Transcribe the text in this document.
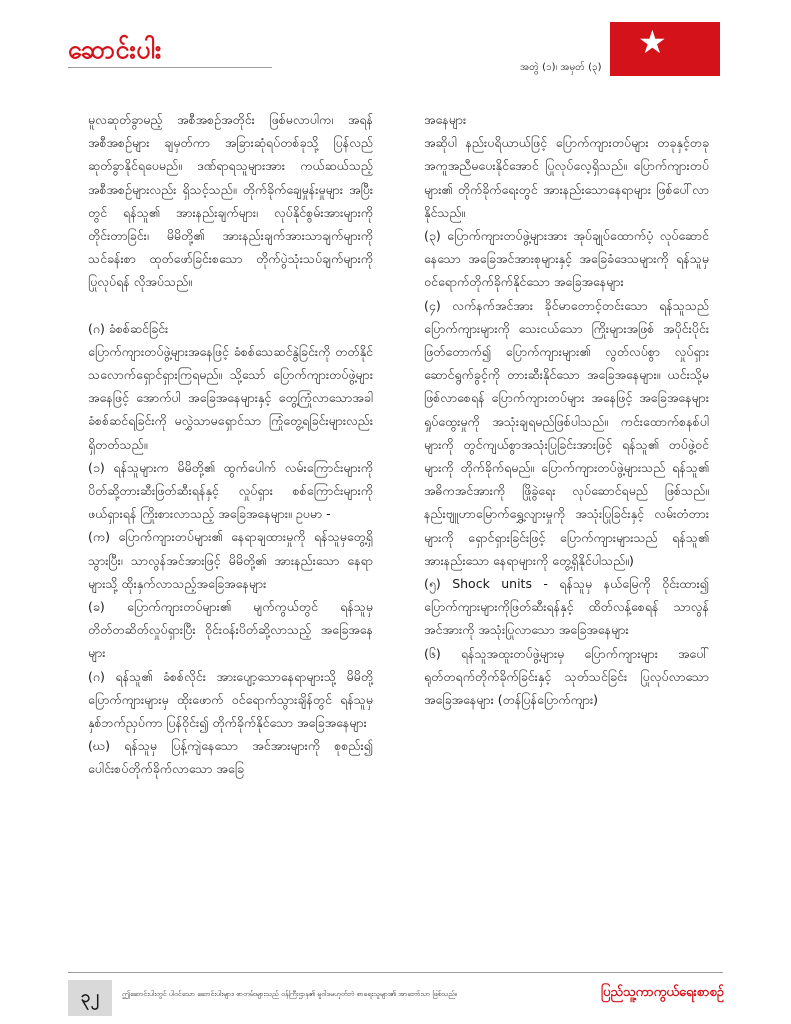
ဆောင်းပါး
အတွဲ (၁)၊ အမှတ် (၃)
★

မူလဆုတ်ခွာမည့် အစီအစဉ်အတိုင်း ဖြစ်မလာပါက၊ အရန်အစီအစဉ်များ ချမှတ်ကာ အခြားဆုံရပ်တစ်ခုသို့ ပြန်လည်ဆုတ်ခွာနိုင်ရပေမည်။ ဒဏ်ရာရသူများအား ကယ်ဆယ်သည့် အစီအစဉ်များလည်း ရှိသင့်သည်။ တိုက်ခိုက်ချေမှုန်းမှုများ အပြီးတွင် ရန်သူ၏ အားနည်းချက်များ၊ လုပ်နိုင်စွမ်းအားများကို တိုင်းတာခြင်း၊ မိမိတို့၏ အားနည်းချက်အားသာချက်များကို သင်ခန်းစာ ထုတ်ဖော်ခြင်းစသော တိုက်ပွဲသုံးသပ်ချက်များကို ပြုလုပ်ရန် လိုအပ်သည်။

(ဂ) ခံစစ်ဆင်ခြင်း

ပြောက်ကျားတပ်ဖွဲ့များအနေဖြင့် ခံစစ်သေဆင်နွဲခြင်းကို တတ်နိုင်သလောက်ရှောင်ရှားကြရမည်။ သို့သော် ပြောက်ကျားတပ်ဖွဲ့များအနေဖြင့် အောက်ပါ အခြေအနေများနှင့် တွေ့ကြုံလာသောအခါ ခံစစ်ဆင်ရခြင်းကို မလွှဲသာမရှောင်သာ ကြုံတွေ့ရခြင်းများလည်း ရှိတတ်သည်။

(၁) ရန်သူများက မိမိတို့၏ ထွက်ပေါက် လမ်းကြောင်းများကို ပိတ်ဆို့တားဆီးဖြတ်ဆီးရန်နှင့် လှုပ်ရှား စစ်ကြောင်းများကို ဖယ်ရှားရန် ကြိုးစားလာသည့် အခြေအနေများ။ ဥပမာ -

(က) ပြောက်ကျားတပ်များ၏ နေရာချထားမှုကို ရန်သူမှတွေ့ရှိသွားပြီး၊ သာလွန်အင်အားဖြင့် မိမိတို့၏ အားနည်းသော နေရာများသို့ ထိုးနှက်လာသည့်အခြေအနေများ

(ခ) ပြောက်ကျားတပ်များ၏ မျက်ကွယ်တွင် ရန်သူမှ တိတ်တဆိတ်လှုပ်ရှားပြီး ဝိုင်းဝန်းပိတ်ဆို့လာသည့် အခြေအနေများ

(ဂ) ရန်သူ၏ ခံစစ်လိုင်း အားပျော့သောနေရာများသို့ မိမိတို့ပြောက်ကျားများမှ ထိုးဖောက် ဝင်ရောက်သွားချိန်တွင် ရန်သူမှ နှစ်ဘက်ညှပ်ကာ ပြန်ဝိုင်း၍ တိုက်ခိုက်နိုင်သော အခြေအနေများ

(ဃ) ရန်သူမှ ပြန့်ကျဲနေသော အင်အားများကို စုစည်း၍ ပေါင်းစပ်တိုက်ခိုက်လာသော အခြေ

အနေများ

အဆိုပါ နည်းပရိယာယ်ဖြင့် ပြောက်ကျားတပ်များ တခုနှင့်တခု အကူအညီမပေးနိုင်အောင် ပြုလုပ်လေ့ရှိသည်။ ပြောက်ကျားတပ်များ၏ တိုက်ခိုက်ရေးတွင် အားနည်းသောနေရာများ ဖြစ်ပေါ်လာနိုင်သည်။

(၃) ပြောက်ကျားတပ်ဖွဲ့များအား အုပ်ချုပ်ထောက်ပံ့ လုပ်ဆောင်နေသော အခြေအင်အားစုများနှင့် အခြေခံဒေသများကို ရန်သူမှ ဝင်ရောက်တိုက်ခိုက်နိုင်သော အခြေအနေများ

(၄) လက်နက်အင်အား ခိုင်မာတောင့်တင်းသော ရန်သူသည် ပြောက်ကျားများကို သေးငယ်သော ကြိုးများအဖြစ် အပိုင်းပိုင်း ဖြတ်တောက်၍ ပြောက်ကျားများ၏ လွတ်လပ်စွာ လှုပ်ရှားဆောင်ရွက်ခွင့်ကို တားဆီးနိုင်သော အခြေအနေများ။ ယင်းသို့မဖြစ်လာစေရန် ပြောက်ကျားတပ်များ အနေဖြင့် အခြေအနေများ ရှုပ်ထွေးမှုကို အသုံးချရမည်ဖြစ်ပါသည်။ ကင်းထောက်စနစ်ပါများကို တွင်ကျယ်စွာအသုံးပြုခြင်းအားဖြင့် ရန်သူ၏ တပ်ဖွဲ့ဝင်များကို တိုက်ခိုက်ရမည်။ ပြောက်ကျားတပ်ဖွဲ့များသည် ရန်သူ၏ အဓိကအင်အားကို ဖြိုခွဲရေး လုပ်ဆောင်ရမည် ဖြစ်သည်။ နည်းဗျူဟာမြောက်ရွှေ့လျားမှုကို အသုံးပြုခြင်းနှင့် လမ်းတံတားများကို ရှောင်ရှားခြင်းဖြင့် ပြောက်ကျားများသည် ရန်သူ၏ အားနည်းသော နေရာများကို တွေ့ရှိနိုင်ပါသည်။)

(၅) Shock units - ရန်သူမှ နယ်မြေကို ဝိုင်းထား၍ ပြောက်ကျားများကိုဖြတ်ဆီးရန်နှင့် ထိတ်လန့်စေရန် သာလွန်အင်အားကို အသုံးပြုလာသော အခြေအနေများ

(၆) ရန်သူအထူးတပ်ဖွဲ့များမှ ပြောက်ကျားများ အပေါ် ရုတ်တရက်တိုက်ခိုက်ခြင်းနှင့် သုတ်သင်ခြင်း ပြုလုပ်လာသော အခြေအနေများ (တန်ပြန်ပြောက်ကျား)

၃၂	ဤဆောင်းပါးတွင် ပါဝင်သော ဆောင်းပါးများ၊ စာတမ်းများသည် ဝန်ကြီးဌာန၏ မူဝါဒမဟုတ်ဘဲ စာရေးသူများ၏ အာဘော်သာ ဖြစ်သည်။	ပြည်သူ့ကာကွယ်ရေးစာစဉ်
